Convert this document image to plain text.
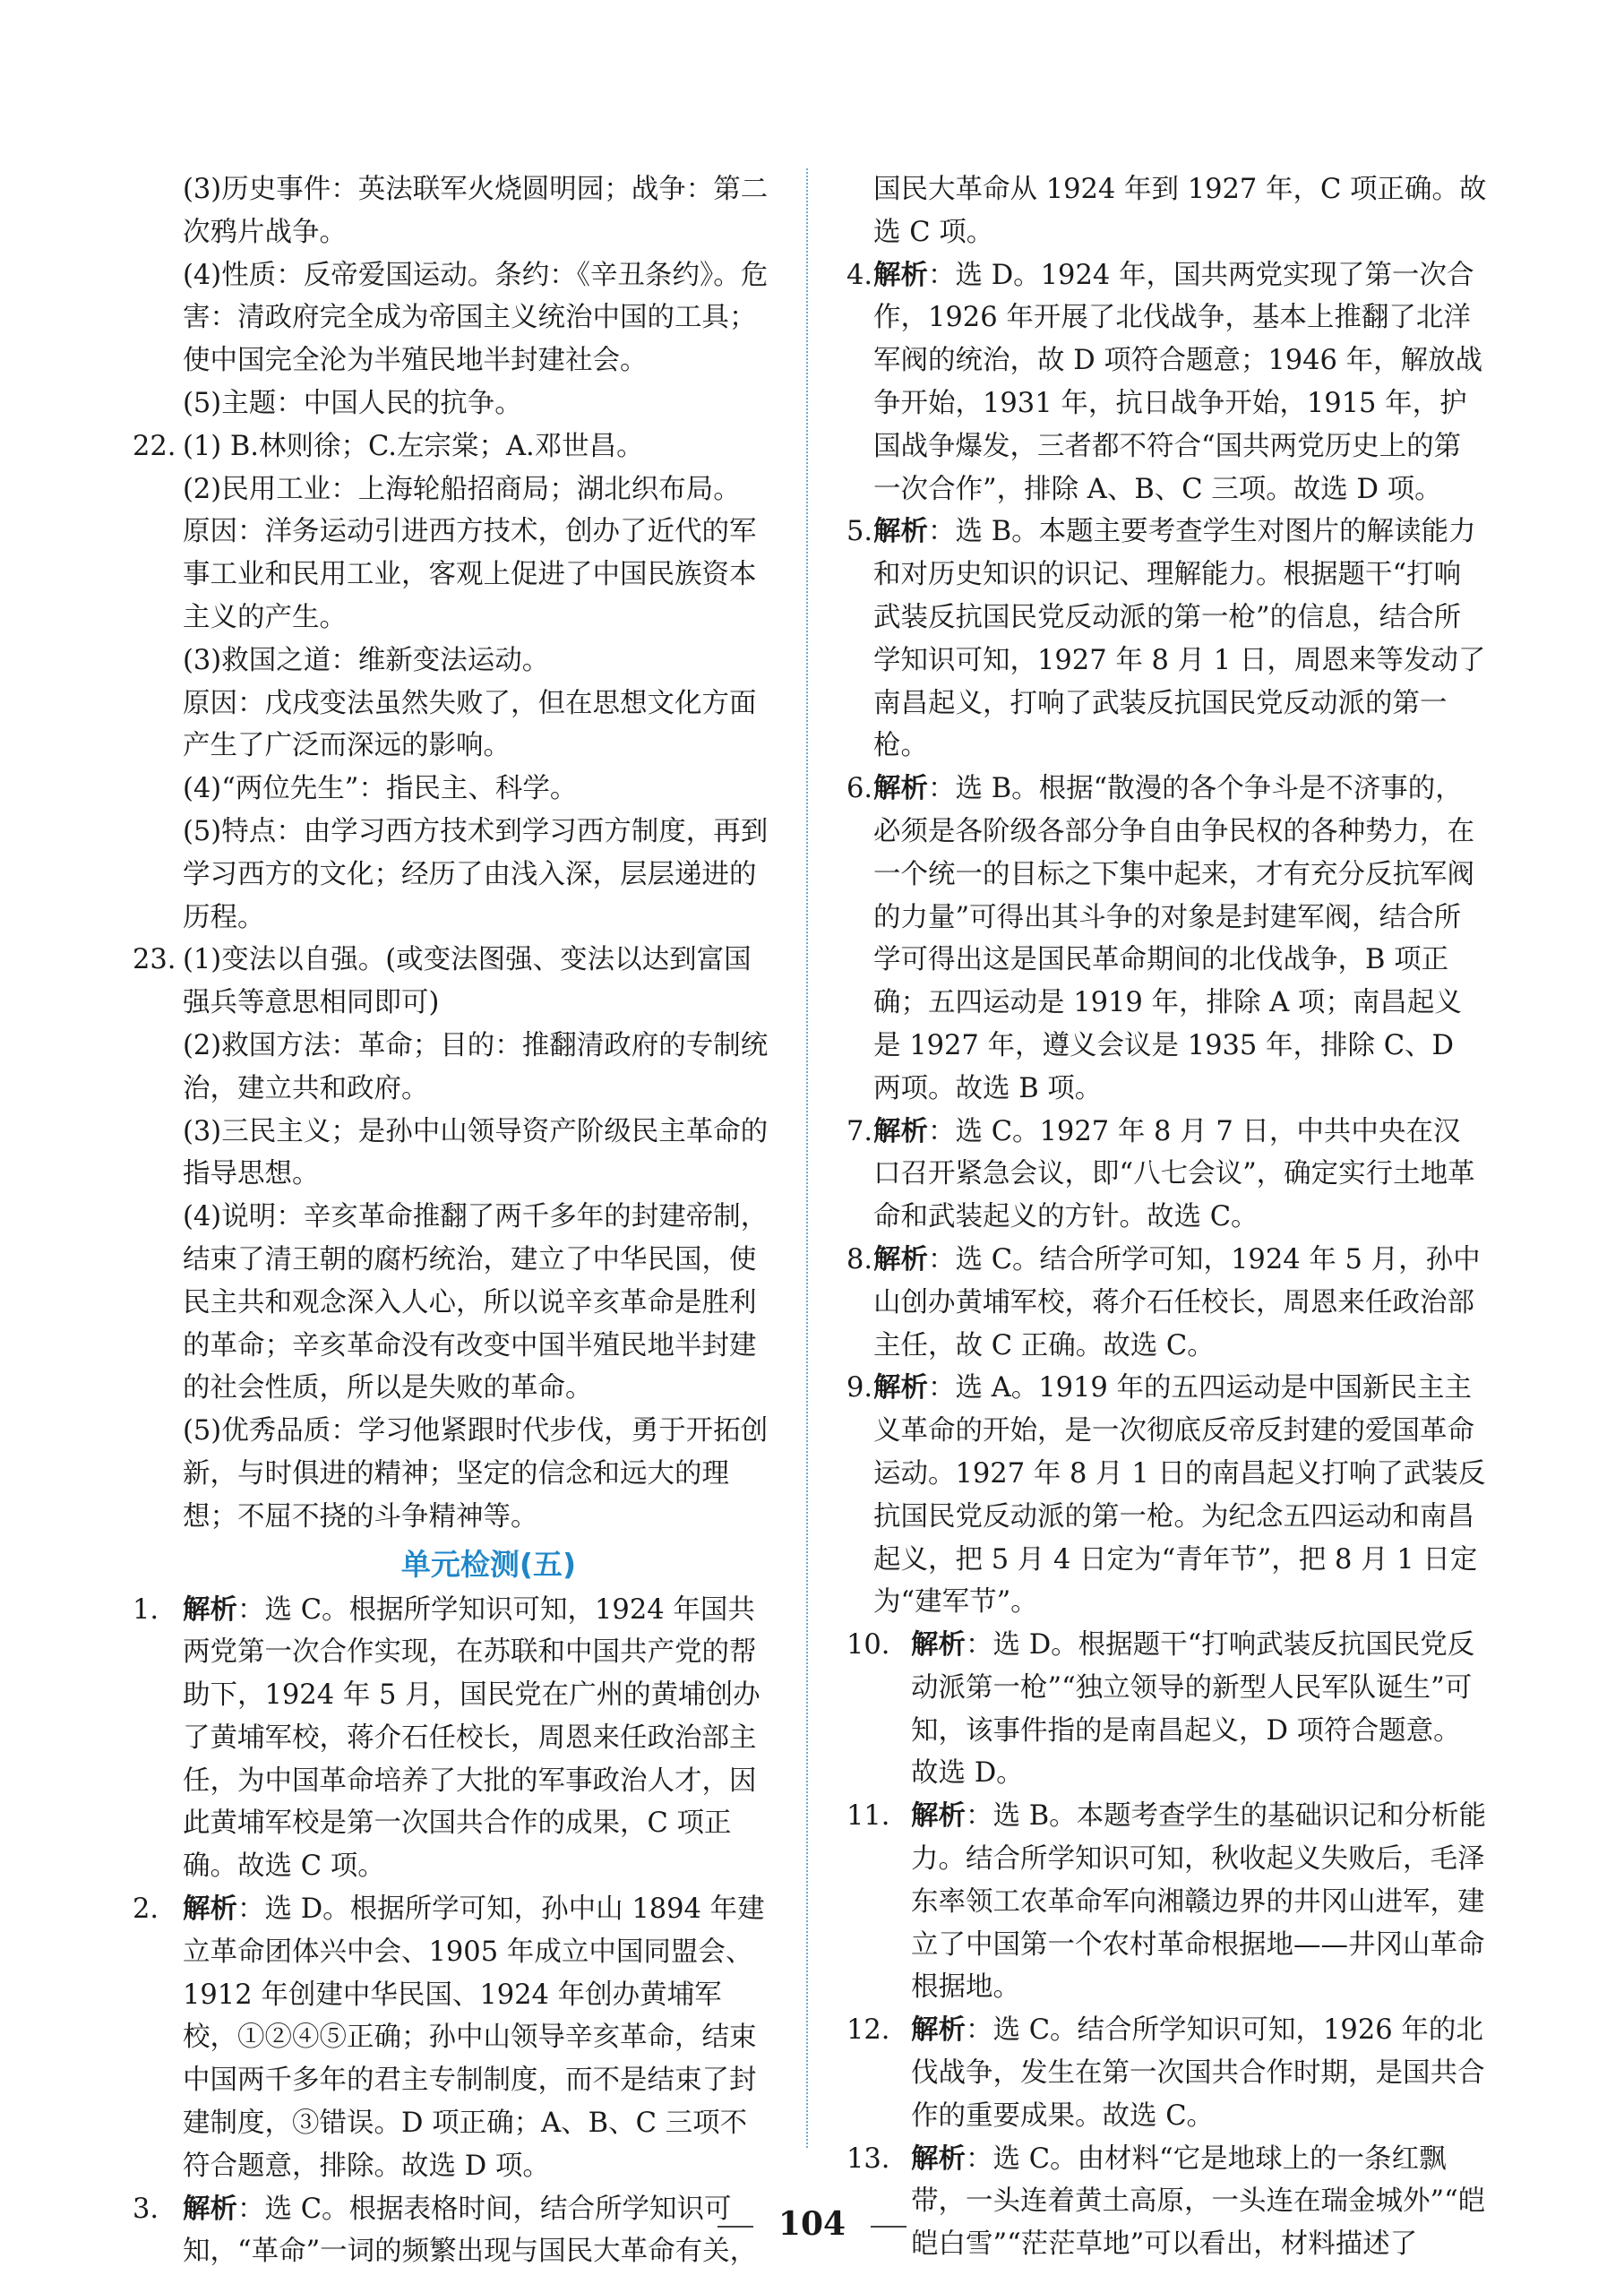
(3)历史事件：英法联军火烧圆明园；战争：第二次鸦片战争。

(4)性质：反帝爱国运动。条约：《辛丑条约》。危害：清政府完全成为帝国主义统治中国的工具；使中国完全沦为半殖民地半封建社会。

(5)主题：中国人民的抗争。

22. (1) B.林则徐；C.左宗棠；A.邓世昌。

(2)民用工业：上海轮船招商局；湖北织布局。

原因：洋务运动引进西方技术，创办了近代的军事工业和民用工业，客观上促进了中国民族资本主义的产生。

(3)救国之道：维新变法运动。

原因：戊戌变法虽然失败了，但在思想文化方面产生了广泛而深远的影响。

(4)“两位先生”：指民主、科学。

(5)特点：由学习西方技术到学习西方制度，再到学习西方的文化；经历了由浅入深，层层递进的历程。

23. (1)变法以自强。(或变法图强、变法以达到富国强兵等意思相同即可)

(2)救国方法：革命；目的：推翻清政府的专制统治，建立共和政府。

(3)三民主义；是孙中山领导资产阶级民主革命的指导思想。

(4)说明：辛亥革命推翻了两千多年的封建帝制，结束了清王朝的腐朽统治，建立了中华民国，使民主共和观念深入人心，所以说辛亥革命是胜利的革命；辛亥革命没有改变中国半殖民地半封建的社会性质，所以是失败的革命。

(5)优秀品质：学习他紧跟时代步伐，勇于开拓创新，与时俱进的精神；坚定的信念和远大的理想；不屈不挠的斗争精神等。

单元检测(五)
1. 解析：选 C。根据所学知识可知，1924 年国共两党第一次合作实现，在苏联和中国共产党的帮助下，1924 年 5 月，国民党在广州的黄埔创办了黄埔军校，蒋介石任校长，周恩来任政治部主任，为中国革命培养了大批的军事政治人才，因此黄埔军校是第一次国共合作的成果，C 项正确。故选 C 项。

2. 解析：选 D。根据所学可知，孙中山 1894 年建立革命团体兴中会、1905 年成立中国同盟会、1912 年创建中华民国、1924 年创办黄埔军校，①②④⑤正确；孙中山领导辛亥革命，结束中国两千多年的君主专制制度，而不是结束了封建制度，③错误。D 项正确；A、B、C 三项不符合题意，排除。故选 D 项。

3. 解析：选 C。根据表格时间，结合所学知识可知，“革命”一词的频繁出现与国民大革命有关，

国民大革命从 1924 年到 1927 年，C 项正确。故选 C 项。

4. 解析：选 D。1924 年，国共两党实现了第一次合作，1926 年开展了北伐战争，基本上推翻了北洋军阀的统治，故 D 项符合题意；1946 年，解放战争开始，1931 年，抗日战争开始，1915 年，护国战争爆发，三者都不符合“国共两党历史上的第一次合作”，排除 A、B、C 三项。故选 D 项。

5. 解析：选 B。本题主要考查学生对图片的解读能力和对历史知识的识记、理解能力。根据题干“打响武装反抗国民党反动派的第一枪”的信息，结合所学知识可知，1927 年 8 月 1 日，周恩来等发动了南昌起义，打响了武装反抗国民党反动派的第一枪。

6. 解析：选 B。根据“散漫的各个争斗是不济事的，必须是各阶级各部分争自由争民权的各种势力，在一个统一的目标之下集中起来，才有充分反抗军阀的力量”可得出其斗争的对象是封建军阀，结合所学可得出这是国民革命期间的北伐战争，B 项正确；五四运动是 1919 年，排除 A 项；南昌起义是 1927 年，遵义会议是 1935 年，排除 C、D 两项。故选 B 项。

7. 解析：选 C。1927 年 8 月 7 日，中共中央在汉口召开紧急会议，即“八七会议”，确定实行土地革命和武装起义的方针。故选 C。

8. 解析：选 C。结合所学可知，1924 年 5 月，孙中山创办黄埔军校，蒋介石任校长，周恩来任政治部主任，故 C 正确。故选 C。

9. 解析：选 A。1919 年的五四运动是中国新民主主义革命的开始，是一次彻底反帝反封建的爱国革命运动。1927 年 8 月 1 日的南昌起义打响了武装反抗国民党反动派的第一枪。为纪念五四运动和南昌起义，把 5 月 4 日定为“青年节”，把 8 月 1 日定为“建军节”。

10. 解析：选 D。根据题干“打响武装反抗国民党反动派第一枪”“独立领导的新型人民军队诞生”可知，该事件指的是南昌起义，D 项符合题意。故选 D。

11. 解析：选 B。本题考查学生的基础识记和分析能力。结合所学知识可知，秋收起义失败后，毛泽东率领工农革命军向湘赣边界的井冈山进军，建立了中国第一个农村革命根据地——井冈山革命根据地。

12. 解析：选 C。结合所学知识可知，1926 年的北伐战争，发生在第一次国共合作时期，是国共合作的重要成果。故选 C。

13. 解析：选 C。由材料“它是地球上的一条红飘带，一头连着黄土高原，一头连在瑞金城外”“皑皑白雪”“茫茫草地”可以看出，材料描述了

104
